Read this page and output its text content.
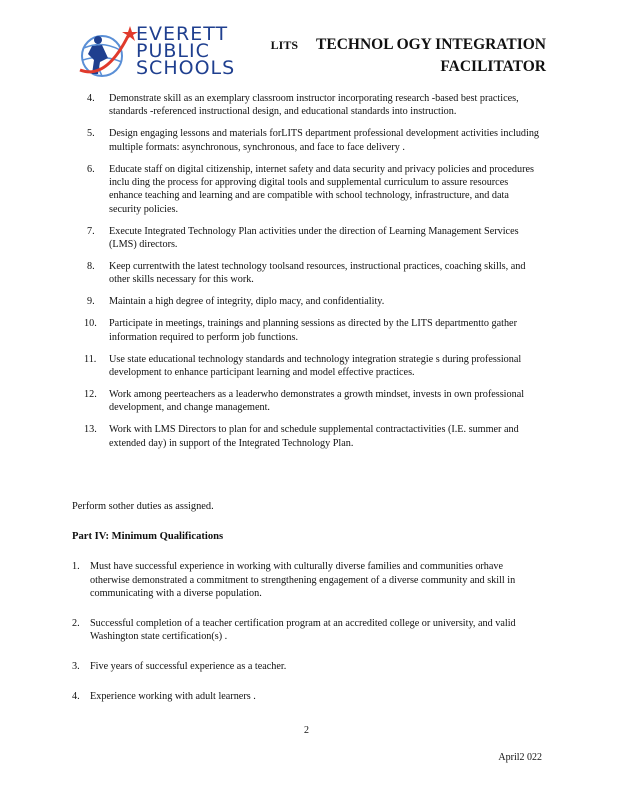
EVERETT
PUBLIC
SCHOOLS
LITS TECHNOL OGY INTEGRATION
FACILITATOR
4. Demonstrate skill as an exemplary classroom instructor incorporating research -based best practices, standards -referenced instructional design, and educational standards into instruction.
5. Design engaging lessons and materials forLITS department professional development activities including multiple formats: asynchronous, synchronous, and face to face delivery .
6. Educate staff on digital citizenship, internet safety and data security and privacy policies and procedures inclu ding the process for approving digital tools and supplemental curriculum to assure resources enhance teaching and learning and are compatible with school technology, infrastructure, and data security policies.
7. Execute Integrated Technology Plan activities under the direction of Learning Management Services (LMS) directors.
8. Keep currentwith the latest technology toolsand resources, instructional practices, coaching skills, and other skills necessary for this work.
9. Maintain a high degree of integrity, diplo macy, and confidentiality.
10. Participate in meetings, trainings and planning sessions as directed by the LITS departmentto gather information required to perform job functions.
11. Use state educational technology standards and technology integration strategie s during professional development to enhance participant learning and model effective practices.
12. Work among peerteachers as a leaderwho demonstrates a growth mindset, invests in own professional development, and change management.
13. Work with LMS Directors to plan for and schedule supplemental contractactivities (I.E. summer and extended day) in support of the Integrated Technology Plan.
Perform sother duties as assigned.
Part IV: Minimum Qualifications
1. Must have successful experience in working with culturally diverse families and communities orhave otherwise demonstrated a commitment to strengthening engagement of a diverse community and skill in communicating with a diverse population.
2. Successful completion of a teacher certification program at an accredited college or university, and valid Washington state certification(s) .
3. Five years of successful experience as a teacher.
4. Experience working with adult learners .
2
April2 022
